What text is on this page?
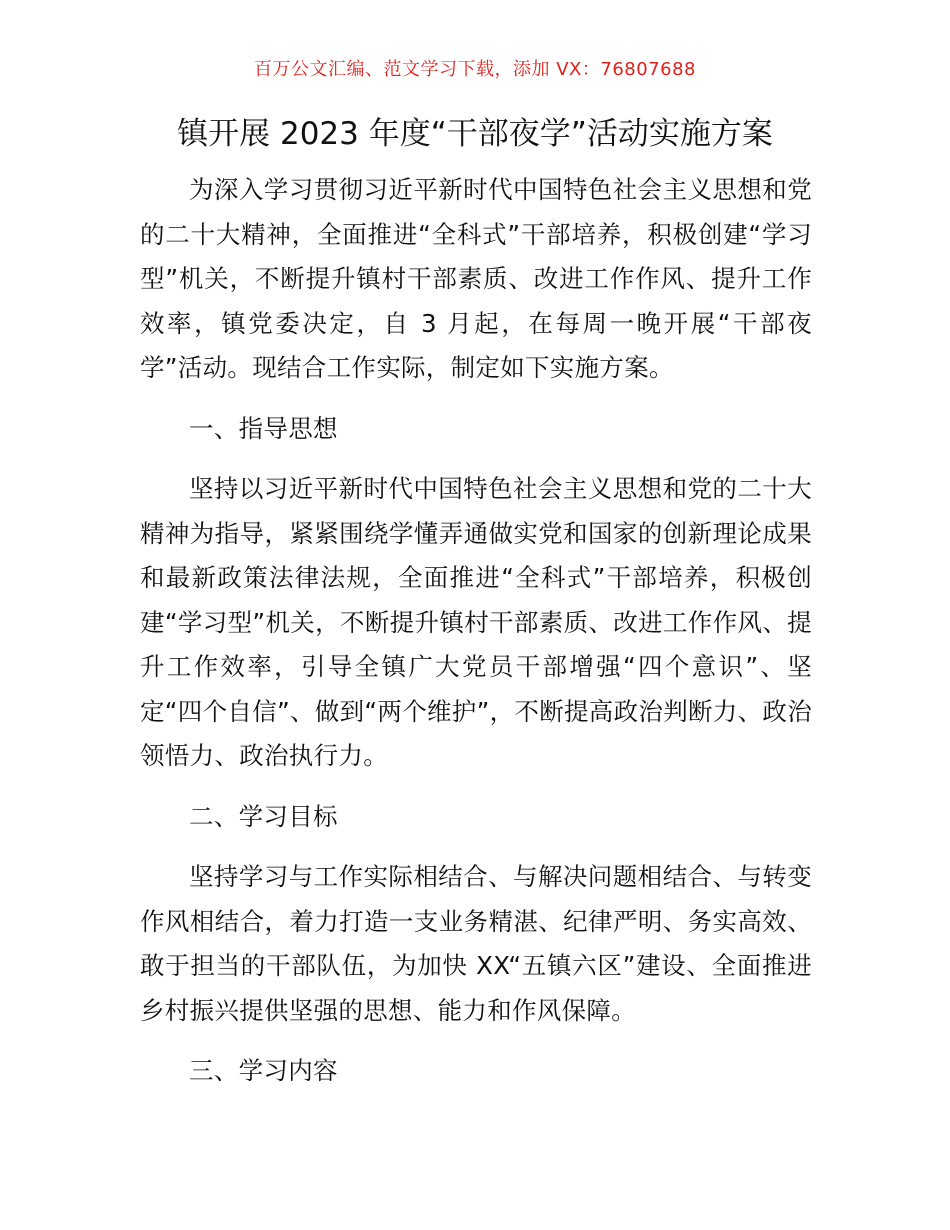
百万公文汇编、范文学习下载，添加 VX：76807688
镇开展 2023 年度“干部夜学”活动实施方案

为深入学习贯彻习近平新时代中国特色社会主义思想和党的二十大精神，全面推进“全科式”干部培养，积极创建“学习型”机关，不断提升镇村干部素质、改进工作作风、提升工作效率，镇党委决定，自 3 月起，在每周一晚开展“干部夜学”活动。现结合工作实际，制定如下实施方案。

一、指导思想

坚持以习近平新时代中国特色社会主义思想和党的二十大精神为指导，紧紧围绕学懂弄通做实党和国家的创新理论成果和最新政策法律法规，全面推进“全科式”干部培养，积极创建“学习型”机关，不断提升镇村干部素质、改进工作作风、提升工作效率，引导全镇广大党员干部增强“四个意识”、坚定“四个自信”、做到“两个维护”，不断提高政治判断力、政治领悟力、政治执行力。

二、学习目标

坚持学习与工作实际相结合、与解决问题相结合、与转变作风相结合，着力打造一支业务精湛、纪律严明、务实高效、敢于担当的干部队伍，为加快 XX“五镇六区”建设、全面推进乡村振兴提供坚强的思想、能力和作风保障。

三、学习内容
